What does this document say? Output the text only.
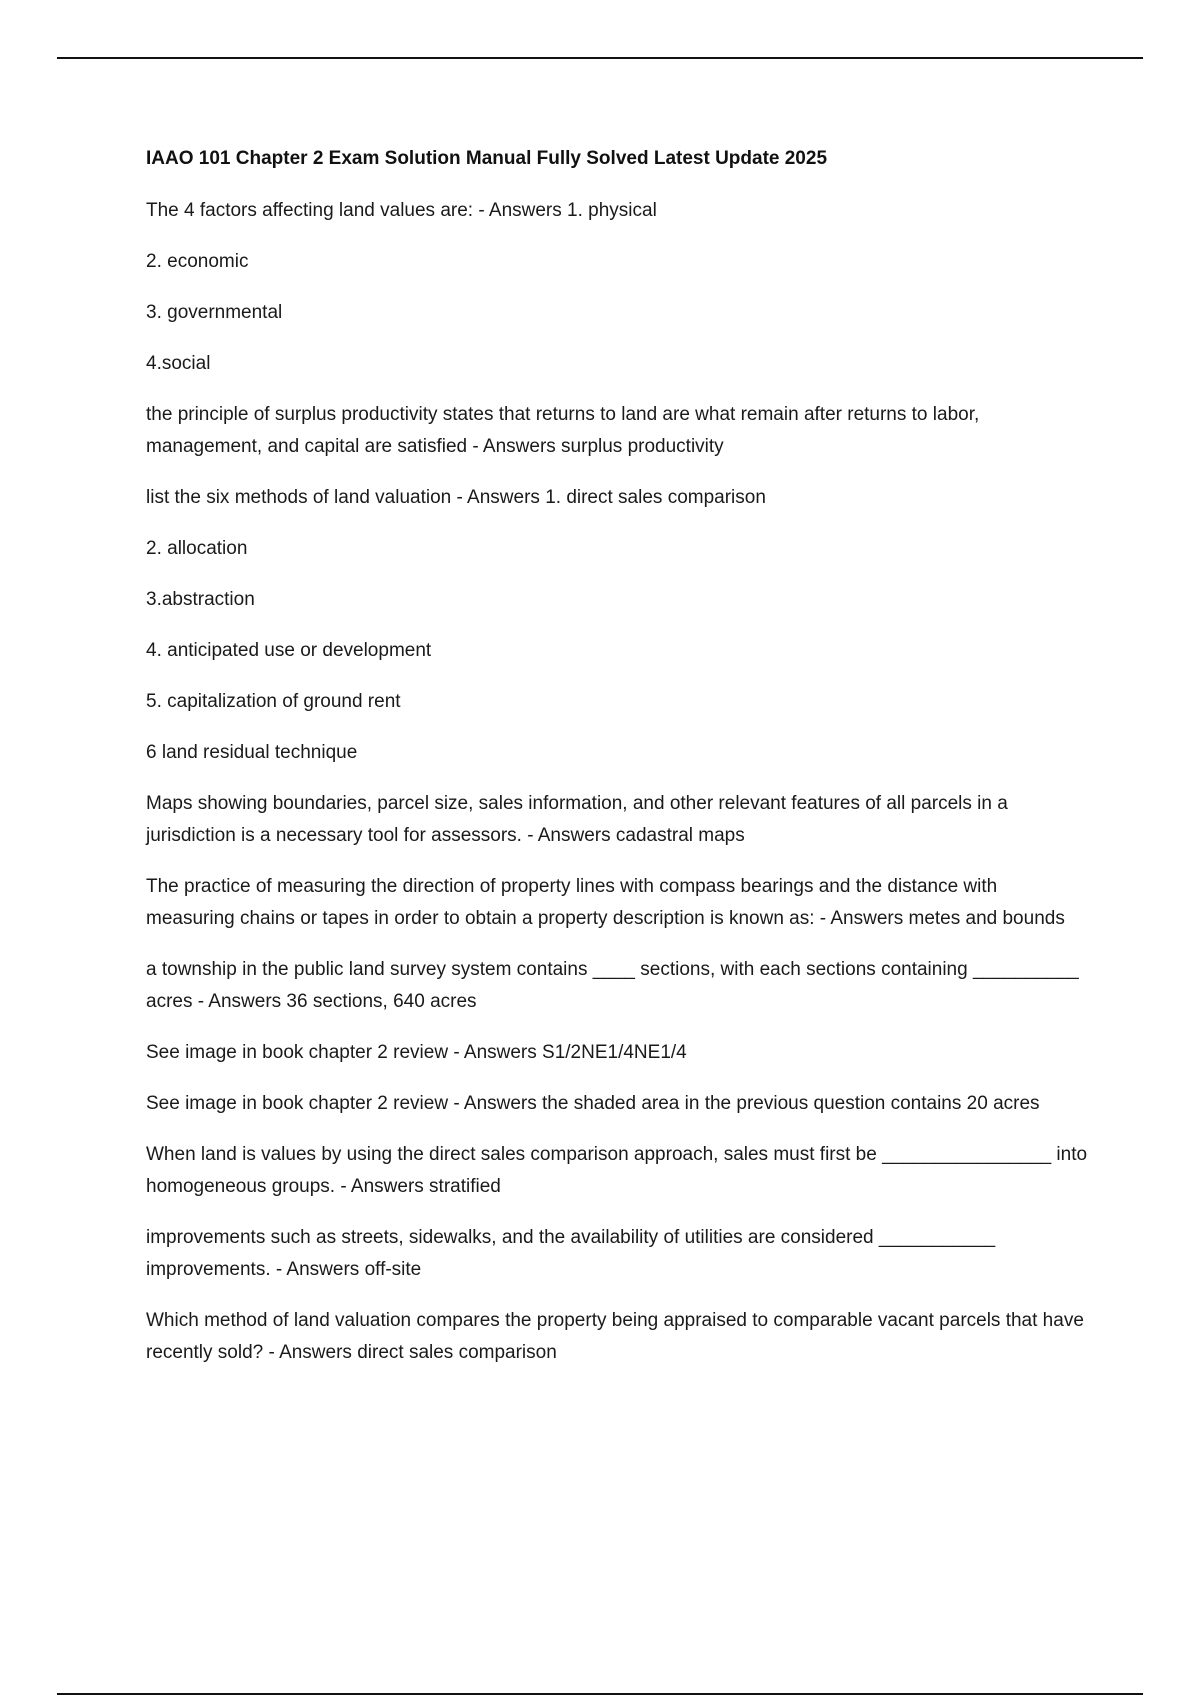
IAAO 101 Chapter 2 Exam Solution Manual Fully Solved Latest Update 2025
The 4 factors affecting land values are: - Answers 1. physical
2. economic
3. governmental
4.social
the principle of surplus productivity states that returns to land are what remain after returns to labor, management, and capital are satisfied - Answers surplus productivity
list the six methods of land valuation - Answers 1. direct sales comparison
2. allocation
3.abstraction
4. anticipated use or development
5. capitalization of ground rent
6 land residual technique
Maps showing boundaries, parcel size, sales information, and other relevant features of all parcels in a jurisdiction is a necessary tool for assessors. - Answers cadastral maps
The practice of measuring the direction of property lines with compass bearings and the distance with measuring chains or tapes in order to obtain a property description is known as: - Answers metes and bounds
a township in the public land survey system contains ____ sections, with each sections containing __________ acres - Answers 36 sections, 640 acres
See image in book chapter 2 review - Answers S1/2NE1/4NE1/4
See image in book chapter 2 review - Answers the shaded area in the previous question contains 20 acres
When land is values by using the direct sales comparison approach, sales must first be ________________ into homogeneous groups. - Answers stratified
improvements such as streets, sidewalks, and the availability of utilities are considered ___________ improvements. - Answers off-site
Which method of land valuation compares the property being appraised to comparable vacant parcels that have recently sold? - Answers direct sales comparison
